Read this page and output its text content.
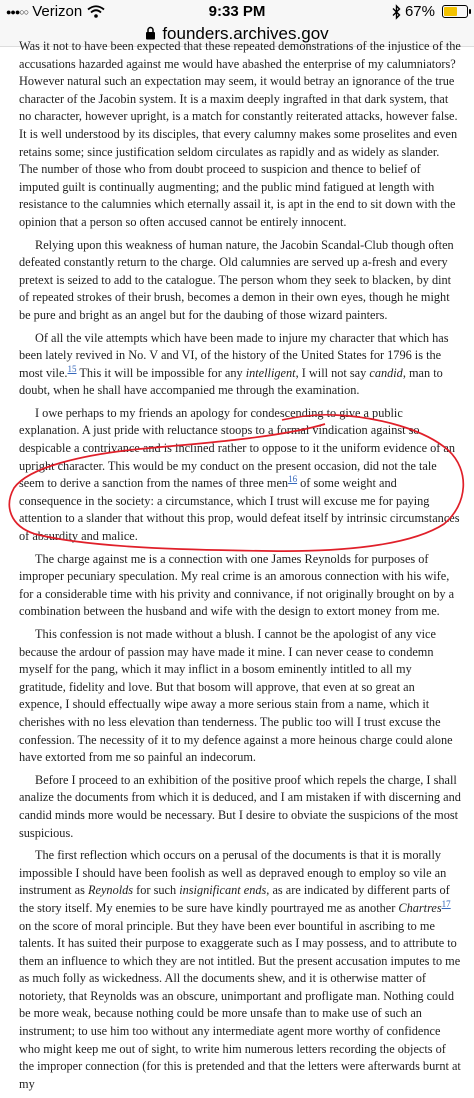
●●●○○ Verizon	9:33 PM	67%
founders.archives.gov

Was it not to have been expected that these repeated demonstrations of the injustice of the accusations hazarded against me would have abashed the enterprise of my calumniators? However natural such an expectation may seem, it would betray an ignorance of the true character of the Jacobin system. It is a maxim deeply ingrafted in that dark system, that no character, however upright, is a match for constantly reiterated attacks, however false. It is well understood by its disciples, that every calumny makes some proselites and even retains some; since justification seldom circulates as rapidly and as widely as slander. The number of those who from doubt proceed to suspicion and thence to belief of imputed guilt is continually augmenting; and the public mind fatigued at length with resistance to the calumnies which eternally assail it, is apt in the end to sit down with the opinion that a person so often accused cannot be entirely innocent.

Relying upon this weakness of human nature, the Jacobin Scandal-Club though often defeated constantly return to the charge. Old calumnies are served up a-fresh and every pretext is seized to add to the catalogue. The person whom they seek to blacken, by dint of repeated strokes of their brush, becomes a demon in their own eyes, though he might be pure and bright as an angel but for the daubing of those wizard painters.

Of all the vile attempts which have been made to injure my character that which has been lately revived in No. V and VI, of the history of the United States for 1796 is the most vile.$^{15}$ This it will be impossible for any intelligent, I will not say candid, man to doubt, when he shall have accompanied me through the examination.

I owe perhaps to my friends an apology for condescending to give a public explanation. A just pride with reluctance stoops to a formal vindication against so despicable a contrivance and is inclined rather to oppose to it the uniform evidence of an upright character. This would be my conduct on the present occasion, did not the tale seem to derive a sanction from the names of three men$^{16}$ of some weight and consequence in the society: a circumstance, which I trust will excuse me for paying attention to a slander that without this prop, would defeat itself by intrinsic circumstances of absurdity and malice.

The charge against me is a connection with one James Reynolds for purposes of improper pecuniary speculation. My real crime is an amorous connection with his wife, for a considerable time with his privity and connivance, if not originally brought on by a combination between the husband and wife with the design to extort money from me.

This confession is not made without a blush. I cannot be the apologist of any vice because the ardour of passion may have made it mine. I can never cease to condemn myself for the pang, which it may inflict in a bosom eminently intitled to all my gratitude, fidelity and love. But that bosom will approve, that even at so great an expence, I should effectually wipe away a more serious stain from a name, which it cherishes with no less elevation than tenderness. The public too will I trust excuse the confession. The necessity of it to my defence against a more heinous charge could alone have extorted from me so painful an indecorum.

Before I proceed to an exhibition of the positive proof which repels the charge, I shall analize the documents from which it is deduced, and I am mistaken if with discerning and candid minds more would be necessary. But I desire to obviate the suspicions of the most suspicious.

The first reflection which occurs on a perusal of the documents is that it is morally impossible I should have been foolish as well as depraved enough to employ so vile an instrument as Reynolds for such insignificant ends, as are indicated by different parts of the story itself. My enemies to be sure have kindly pourtrayed me as another Chartres$^{17}$ on the score of moral principle. But they have been ever bountiful in ascribing to me talents. It has suited their purpose to exaggerate such as I may possess, and to attribute to them an influence to which they are not intitled. But the present accusation imputes to me as much folly as wickedness. All the documents shew, and it is otherwise matter of notoriety, that Reynolds was an obscure, unimportant and profligate man. Nothing could be more weak, because nothing could be more unsafe than to make use of such an instrument; to use him too without any intermediate agent more worthy of confidence who might keep me out of sight, to write him numerous letters recording the objects of the improper connection (for this is pretended and that the letters were afterwards burnt at my
